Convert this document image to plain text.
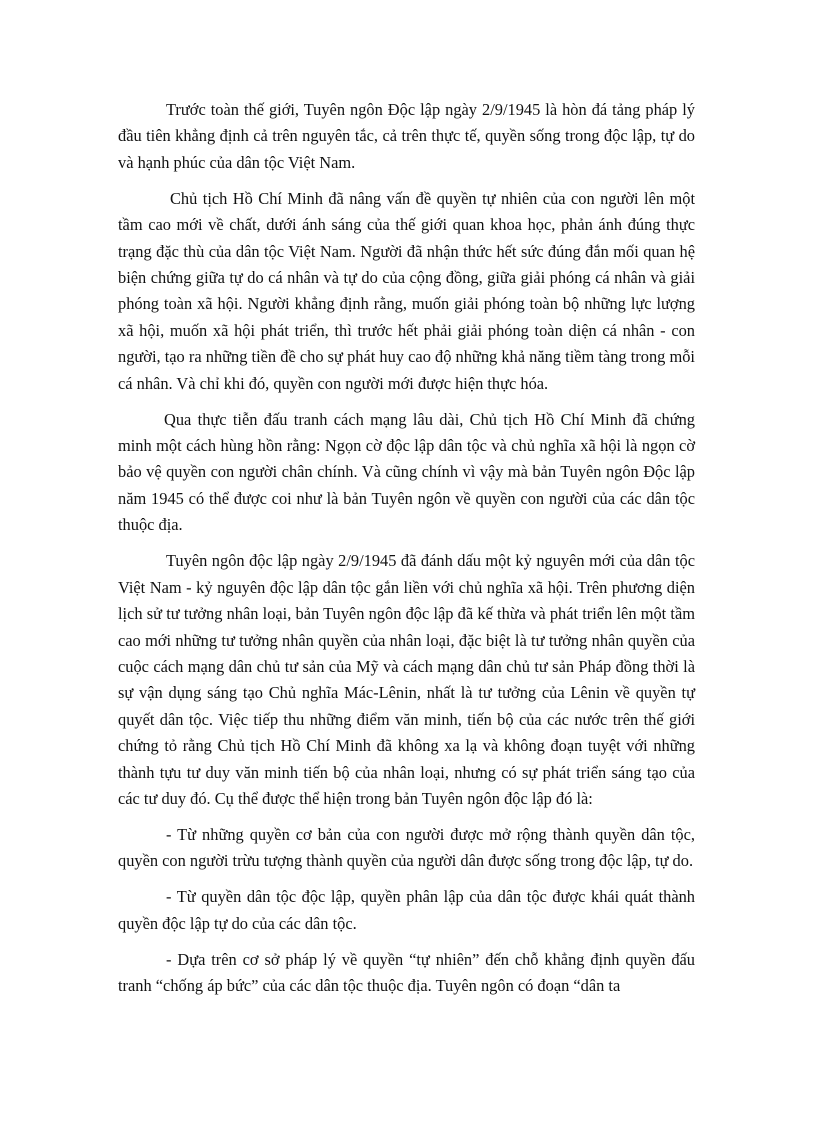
Trước toàn thế giới, Tuyên ngôn Độc lập ngày 2/9/1945 là hòn đá tảng pháp lý đầu tiên khẳng định cả trên nguyên tắc, cả trên thực tế, quyền sống trong độc lập, tự do và hạnh phúc của dân tộc Việt Nam.

Chủ tịch Hồ Chí Minh đã nâng vấn đề quyền tự nhiên của con người lên một tầm cao mới về chất, dưới ánh sáng của thế giới quan khoa học, phản ánh đúng thực trạng đặc thù của dân tộc Việt Nam. Người đã nhận thức hết sức đúng đắn mối quan hệ biện chứng giữa tự do cá nhân và tự do của cộng đồng, giữa giải phóng cá nhân và giải phóng toàn xã hội. Người khẳng định rằng, muốn giải phóng toàn bộ những lực lượng xã hội, muốn xã hội phát triển, thì trước hết phải giải phóng toàn diện cá nhân - con người, tạo ra những tiền đề cho sự phát huy cao độ những khả năng tiềm tàng trong mỗi cá nhân. Và chỉ khi đó, quyền con người mới được hiện thực hóa.

Qua thực tiễn đấu tranh cách mạng lâu dài, Chủ tịch Hồ Chí Minh đã chứng minh một cách hùng hồn rằng: Ngọn cờ độc lập dân tộc và chủ nghĩa xã hội là ngọn cờ bảo vệ quyền con người chân chính. Và cũng chính vì vậy mà bản Tuyên ngôn Độc lập năm 1945 có thể được coi như là bản Tuyên ngôn về quyền con người của các dân tộc thuộc địa.

Tuyên ngôn độc lập ngày 2/9/1945 đã đánh dấu một kỷ nguyên mới của dân tộc Việt Nam - kỷ nguyên độc lập dân tộc gắn liền với chủ nghĩa xã hội. Trên phương diện lịch sử tư tưởng nhân loại, bản Tuyên ngôn độc lập đã kế thừa và phát triển lên một tầm cao mới những tư tưởng nhân quyền của nhân loại, đặc biệt là tư tưởng nhân quyền của cuộc cách mạng dân chủ tư sản của Mỹ và cách mạng dân chủ tư sản Pháp đồng thời là sự vận dụng sáng tạo Chủ nghĩa Mác-Lênin, nhất là tư tưởng của Lênin về quyền tự quyết dân tộc. Việc tiếp thu những điểm văn minh, tiến bộ của các nước trên thế giới chứng tỏ rằng Chủ tịch Hồ Chí Minh đã không xa lạ và không đoạn tuyệt với những thành tựu tư duy văn minh tiến bộ của nhân loại, nhưng có sự phát triển sáng tạo của các tư duy đó. Cụ thể được thể hiện trong bản Tuyên ngôn độc lập đó là:

- Từ những quyền cơ bản của con người được mở rộng thành quyền dân tộc, quyền con người trừu tượng thành quyền của người dân được sống trong độc lập, tự do.

- Từ quyền dân tộc độc lập, quyền phân lập của dân tộc được khái quát thành quyền độc lập tự do của các dân tộc.

- Dựa trên cơ sở pháp lý về quyền “tự nhiên” đến chỗ khẳng định quyền đấu tranh “chống áp bức” của các dân tộc thuộc địa. Tuyên ngôn có đoạn “dân ta
